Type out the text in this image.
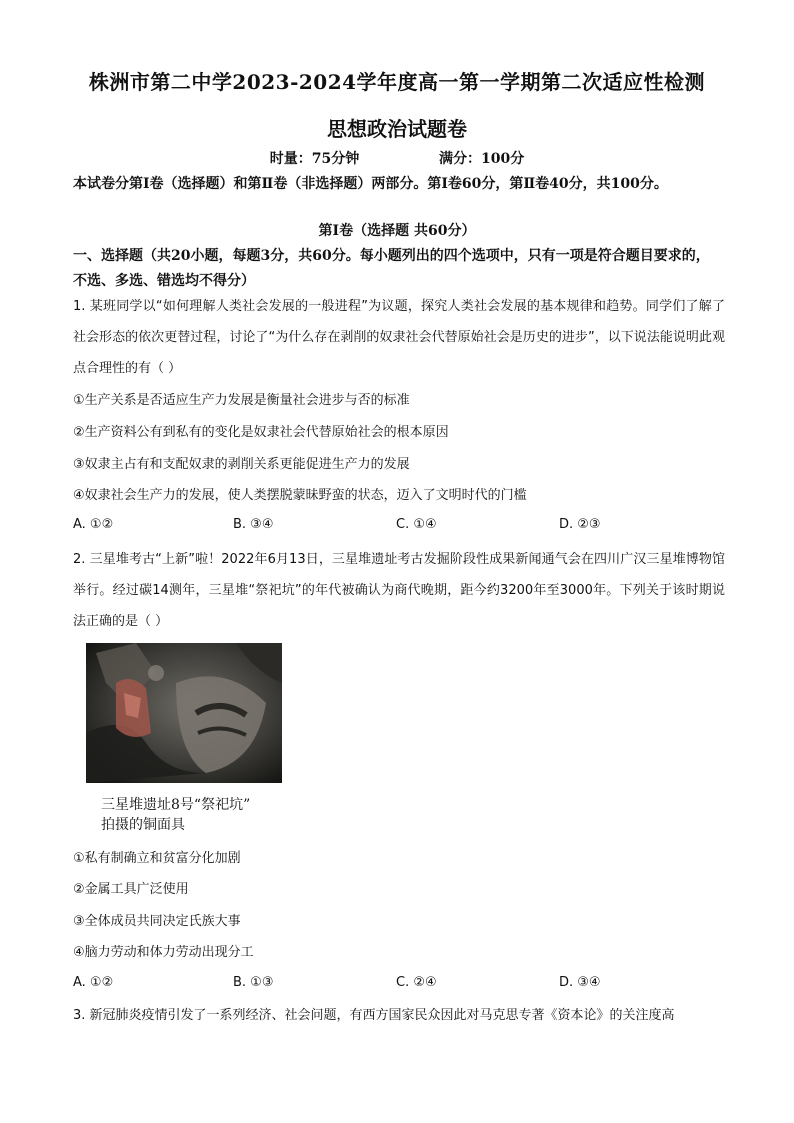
株洲市第二中学2023-2024学年度高一第一学期第二次适应性检测
思想政治试题卷
时量：75分钟	满分：100分
本试卷分第Ⅰ卷（选择题）和第Ⅱ卷（非选择题）两部分。第Ⅰ卷60分，第Ⅱ卷40分，共100分。
第Ⅰ卷（选择题 共60分）
一、选择题（共20小题，每题3分，共60分。每小题列出的四个选项中，只有一项是符合题目要求的，不选、多选、错选均不得分）
1. 某班同学以“如何理解人类社会发展的一般进程”为议题，探究人类社会发展的基本规律和趋势。同学们了解了社会形态的依次更替过程，讨论了“为什么存在剥削的奴隶社会代替原始社会是历史的进步”，以下说法能说明此观点合理性的有（ ）
①生产关系是否适应生产力发展是衡量社会进步与否的标准
②生产资料公有到私有的变化是奴隶社会代替原始社会的根本原因
③奴隶主占有和支配奴隶的剥削关系更能促进生产力的发展
④奴隶社会生产力的发展，使人类摆脱蒙昧野蛮的状态，迈入了文明时代的门槛
A. ①②	B. ③④	C. ①④	D. ②③
2. 三星堆考古“上新”啦！2022年6月13日，三星堆遗址考古发掘阶段性成果新闻通气会在四川广汉三星堆博物馆举行。经过碳14测年，三星堆“祭祀坑”的年代被确认为商代晚期，距今约3200年至3000年。下列关于该时期说法正确的是（ ）
三星堆遗址8号“祭祀坑”
拍摄的铜面具
①私有制确立和贫富分化加剧
②金属工具广泛使用
③全体成员共同决定氏族大事
④脑力劳动和体力劳动出现分工
A. ①②	B. ①③	C. ②④	D. ③④
3. 新冠肺炎疫情引发了一系列经济、社会问题，有西方国家民众因此对马克思专著《资本论》的关注度高
